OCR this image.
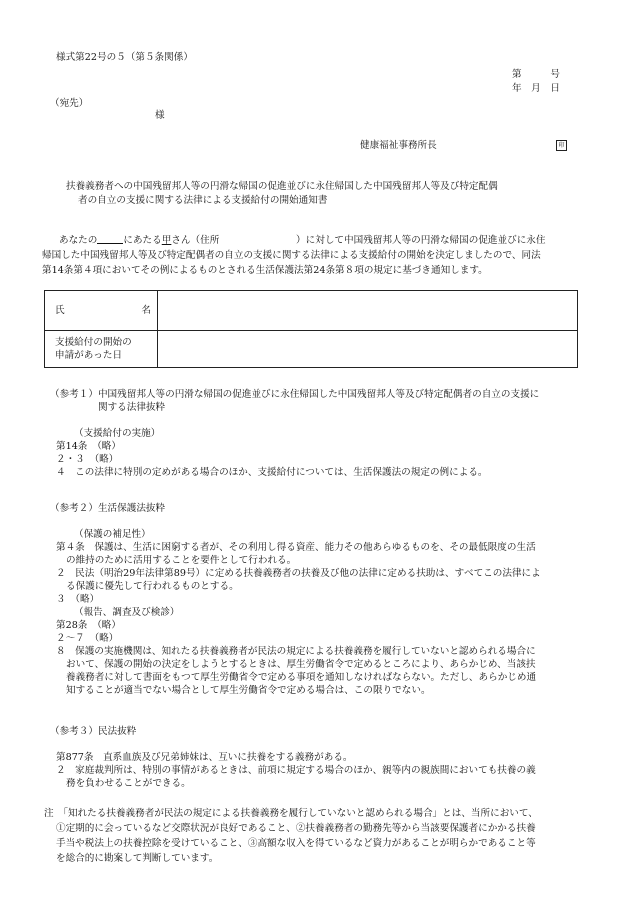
様式第22号の５（第５条関係）
第　　　号
年　月　日
（宛先）
様
健康福祉事務所長	印
扶養義務者への中国残留邦人等の円滑な帰国の促進並びに永住帰国した中国残留邦人等及び特定配偶
者の自立の支援に関する法律による支援給付の開始通知書
あなたの	にあたる甲さん（住所　　　　　　　　）に対して中国残留邦人等の円滑な帰国の促進並びに永住
帰国した中国残留邦人等及び特定配偶者の自立の支援に関する法律による支援給付の開始を決定しましたので、同法
第14条第４項においてその例によるものとされる生活保護法第24条第８項の規定に基づき通知します。
氏 名	

支援給付の開始の
申請があった日	
（参考１）中国残留邦人等の円滑な帰国の促進並びに永住帰国した中国残留邦人等及び特定配偶者の自立の支援に
関する法律抜粋
（支援給付の実施）
第14条　（略）
２・３　（略）
４　この法律に特別の定めがある場合のほか、支援給付については、生活保護法の規定の例による。
（参考２）生活保護法抜粋
（保護の補足性）
第４条　保護は、生活に困窮する者が、その利用し得る資産、能力その他あらゆるものを、その最低限度の生活
の維持のために活用することを要件として行われる。
２　民法（明治29年法律第89号）に定める扶養義務者の扶養及び他の法律に定める扶助は、すべてこの法律によ
る保護に優先して行われるものとする。
３　（略）
（報告、調査及び検診）
第28条　（略）
２～７　（略）
８　保護の実施機関は、知れたる扶養義務者が民法の規定による扶養義務を履行していないと認められる場合に
おいて、保護の開始の決定をしようとするときは、厚生労働省令で定めるところにより、あらかじめ、当該扶
養義務者に対して書面をもつて厚生労働省令で定める事項を通知しなければならない。ただし、あらかじめ通
知することが適当でない場合として厚生労働省令で定める場合は、この限りでない。
（参考３）民法抜粋
第877条　直系血族及び兄弟姉妹は、互いに扶養をする義務がある。
２　家庭裁判所は、特別の事情があるときは、前項に規定する場合のほか、親等内の親族間においても扶養の義
務を負わせることができる。
注　「知れたる扶養義務者が民法の規定による扶養義務を履行していないと認められる場合」とは、当所において、
①定期的に会っているなど交際状況が良好であること、②扶養義務者の勤務先等から当該要保護者にかかる扶養
手当や税法上の扶養控除を受けていること、③高額な収入を得ているなど資力があることが明らかであること等
を総合的に勘案して判断しています。
